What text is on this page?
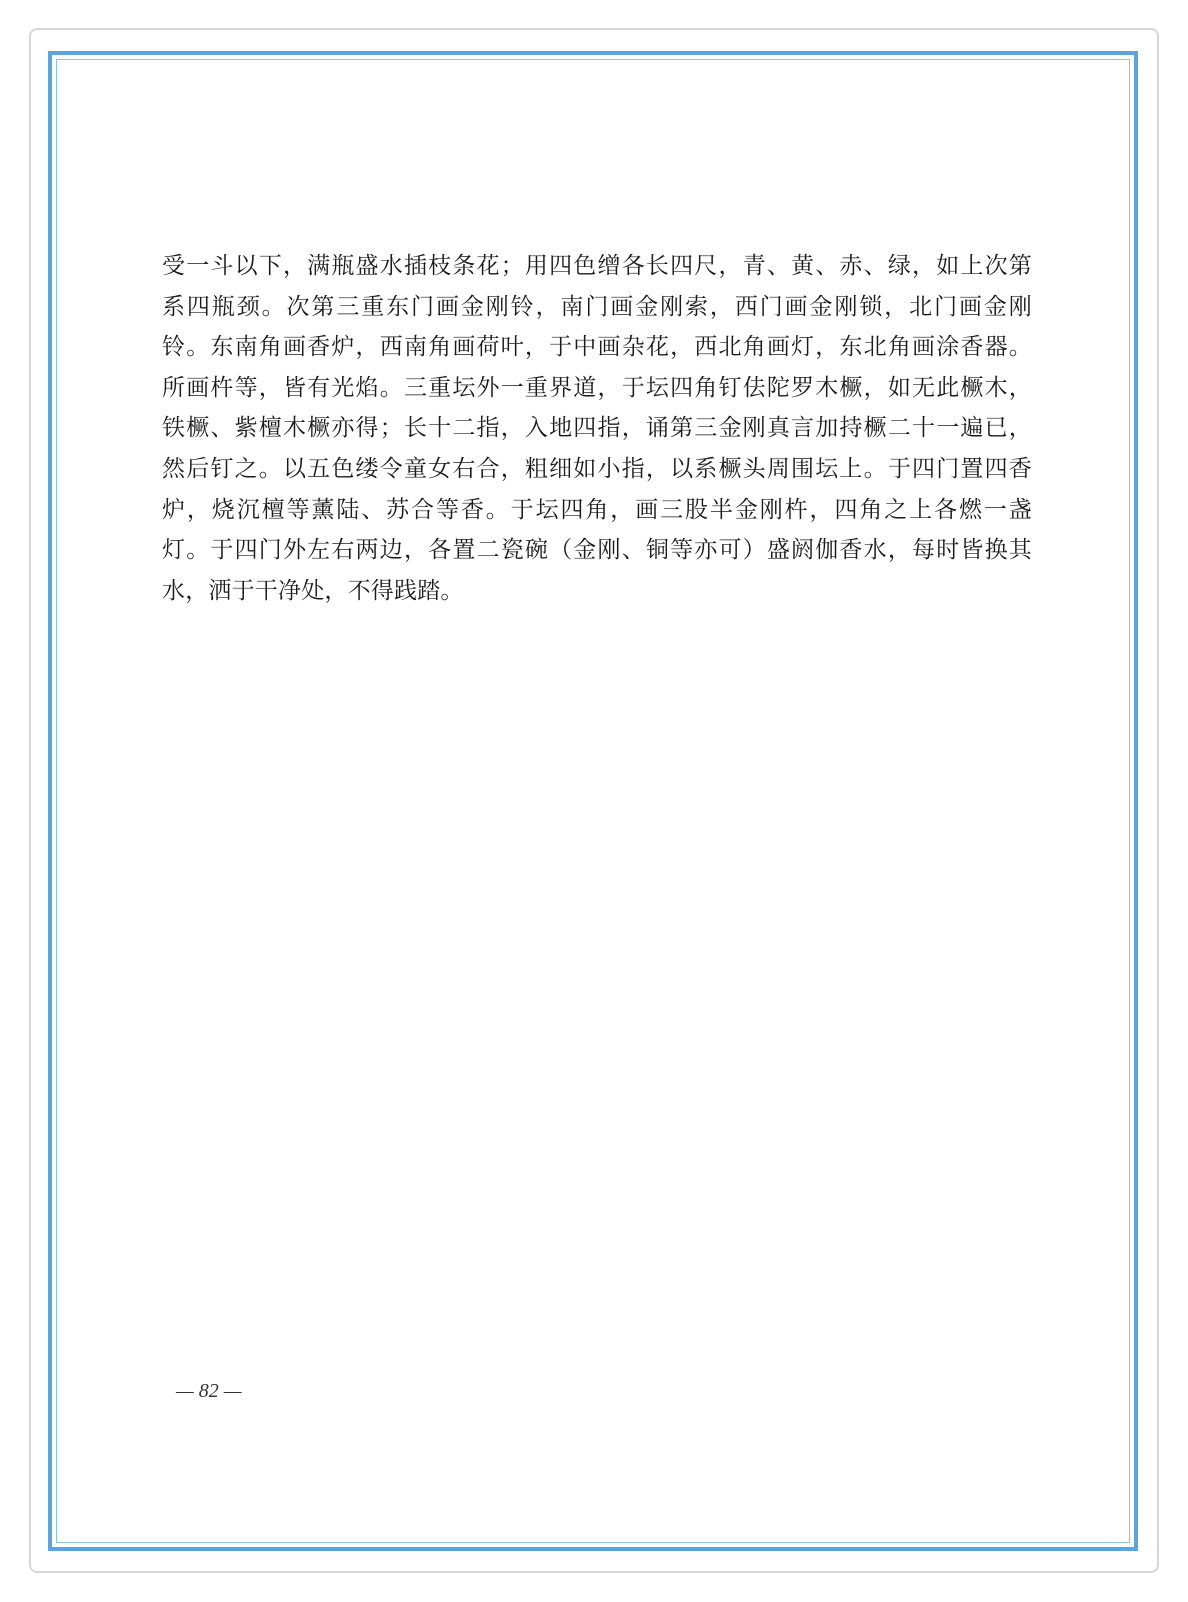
受一斗以下，满瓶盛水插枝条花；用四色缯各长四尺，青、黄、赤、绿，如上次第
系四瓶颈。次第三重东门画金刚铃，南门画金刚索，西门画金刚锁，北门画金刚
铃。东南角画香炉，西南角画荷叶，于中画杂花，西北角画灯，东北角画涂香器。
所画杵等，皆有光焰。三重坛外一重界道，于坛四角钉佉陀罗木橛，如无此橛木，
铁橛、紫檀木橛亦得；长十二指，入地四指，诵第三金刚真言加持橛二十一遍已，
然后钉之。以五色缕令童女右合，粗细如小指，以系橛头周围坛上。于四门置四香
炉，烧沉檀等薰陆、苏合等香。于坛四角，画三股半金刚杵，四角之上各燃一盏
灯。于四门外左右两边，各置二瓷碗（金刚、铜等亦可）盛阏伽香水，每时皆换其
水，洒于干净处，不得践踏。
— 82 —
